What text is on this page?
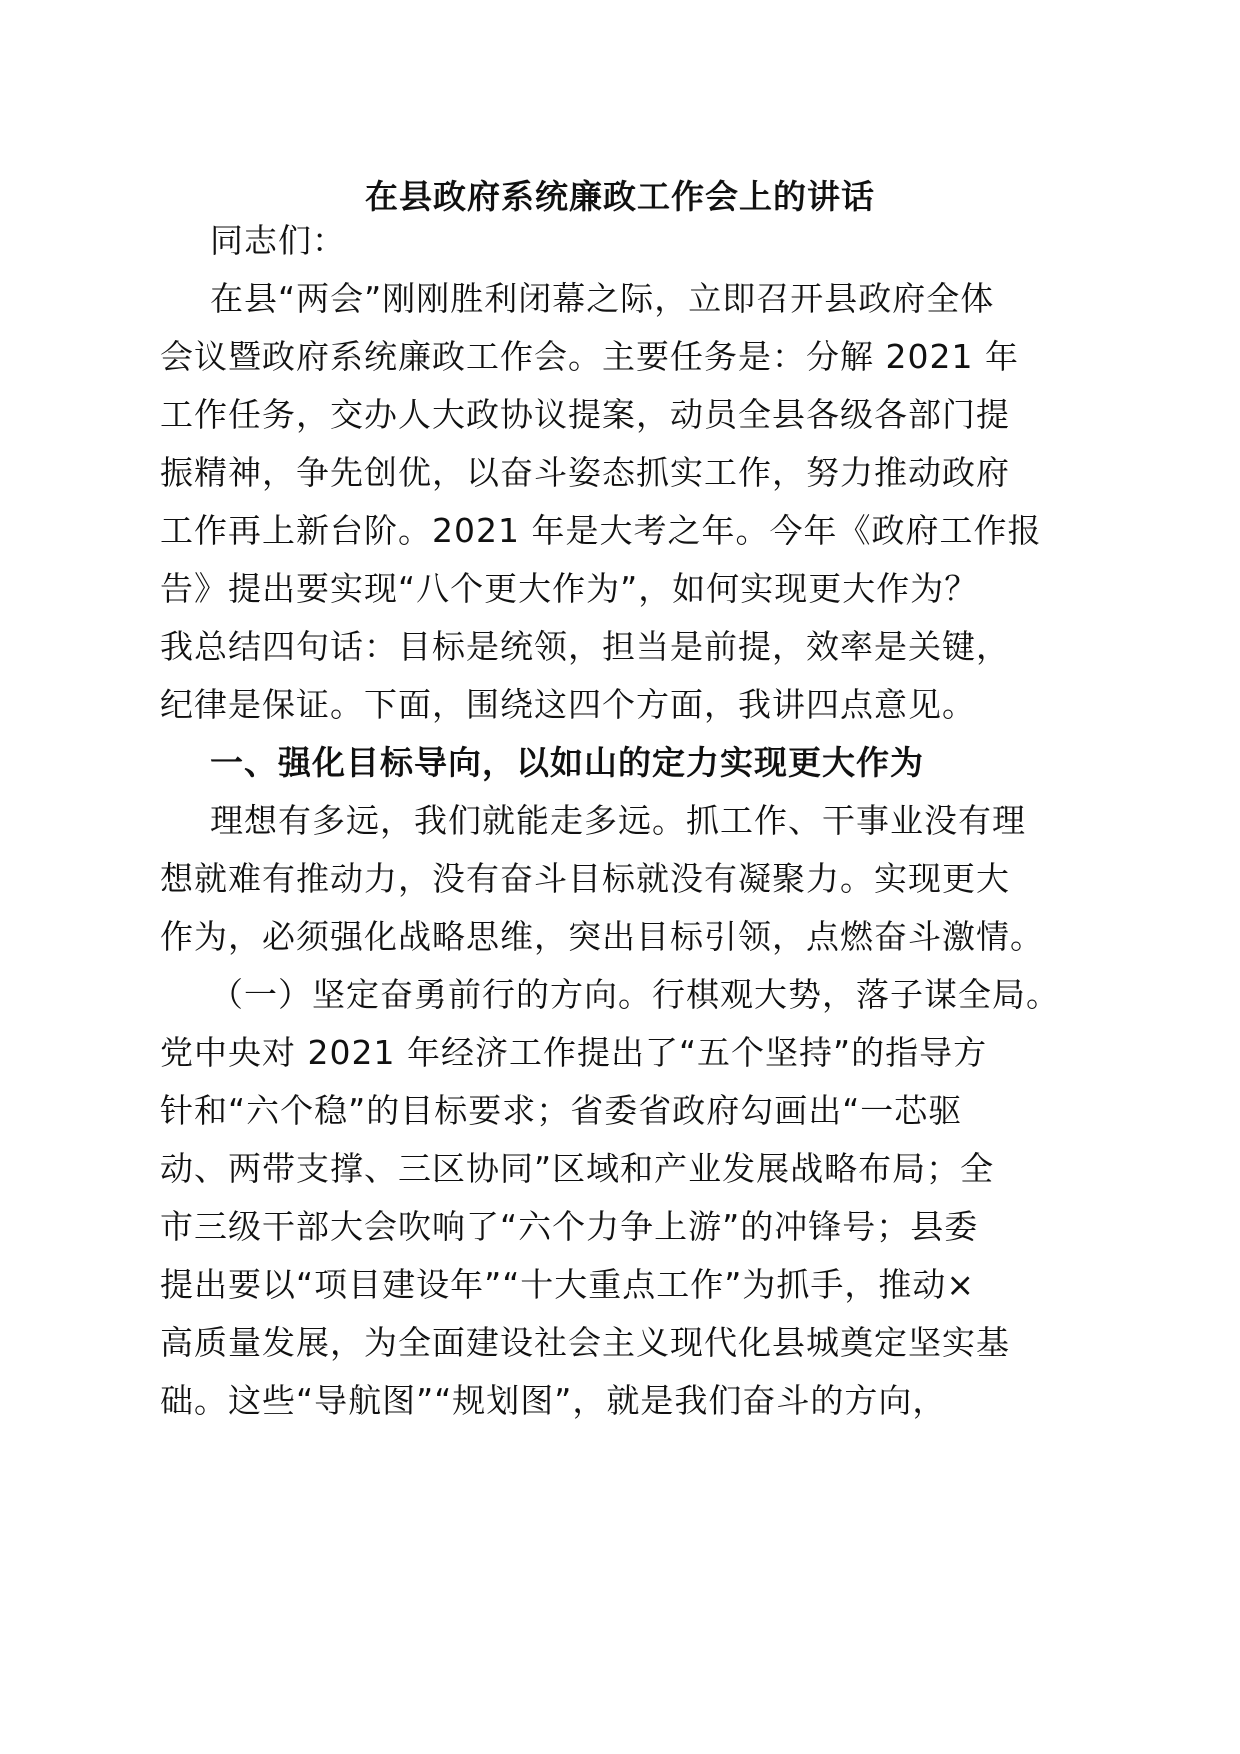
在县政府系统廉政工作会上的讲话
同志们：
在县“两会”刚刚胜利闭幕之际，立即召开县政府全体
会议暨政府系统廉政工作会。主要任务是：分解 2021 年
工作任务，交办人大政协议提案，动员全县各级各部门提
振精神，争先创优，以奋斗姿态抓实工作，努力推动政府
工作再上新台阶。2021 年是大考之年。今年《政府工作报
告》提出要实现“八个更大作为”，如何实现更大作为？
我总结四句话：目标是统领，担当是前提，效率是关键，
纪律是保证。下面，围绕这四个方面，我讲四点意见。
一、强化目标导向，以如山的定力实现更大作为
理想有多远，我们就能走多远。抓工作、干事业没有理
想就难有推动力，没有奋斗目标就没有凝聚力。实现更大
作为，必须强化战略思维，突出目标引领，点燃奋斗激情。
（一）坚定奋勇前行的方向。行棋观大势，落子谋全局。
党中央对 2021 年经济工作提出了“五个坚持”的指导方
针和“六个稳”的目标要求；省委省政府勾画出“一芯驱
动、两带支撑、三区协同”区域和产业发展战略布局；全
市三级干部大会吹响了“六个力争上游”的冲锋号；县委
提出要以“项目建设年”“十大重点工作”为抓手，推动×
高质量发展，为全面建设社会主义现代化县城奠定坚实基
础。这些“导航图”“规划图”，就是我们奋斗的方向，
